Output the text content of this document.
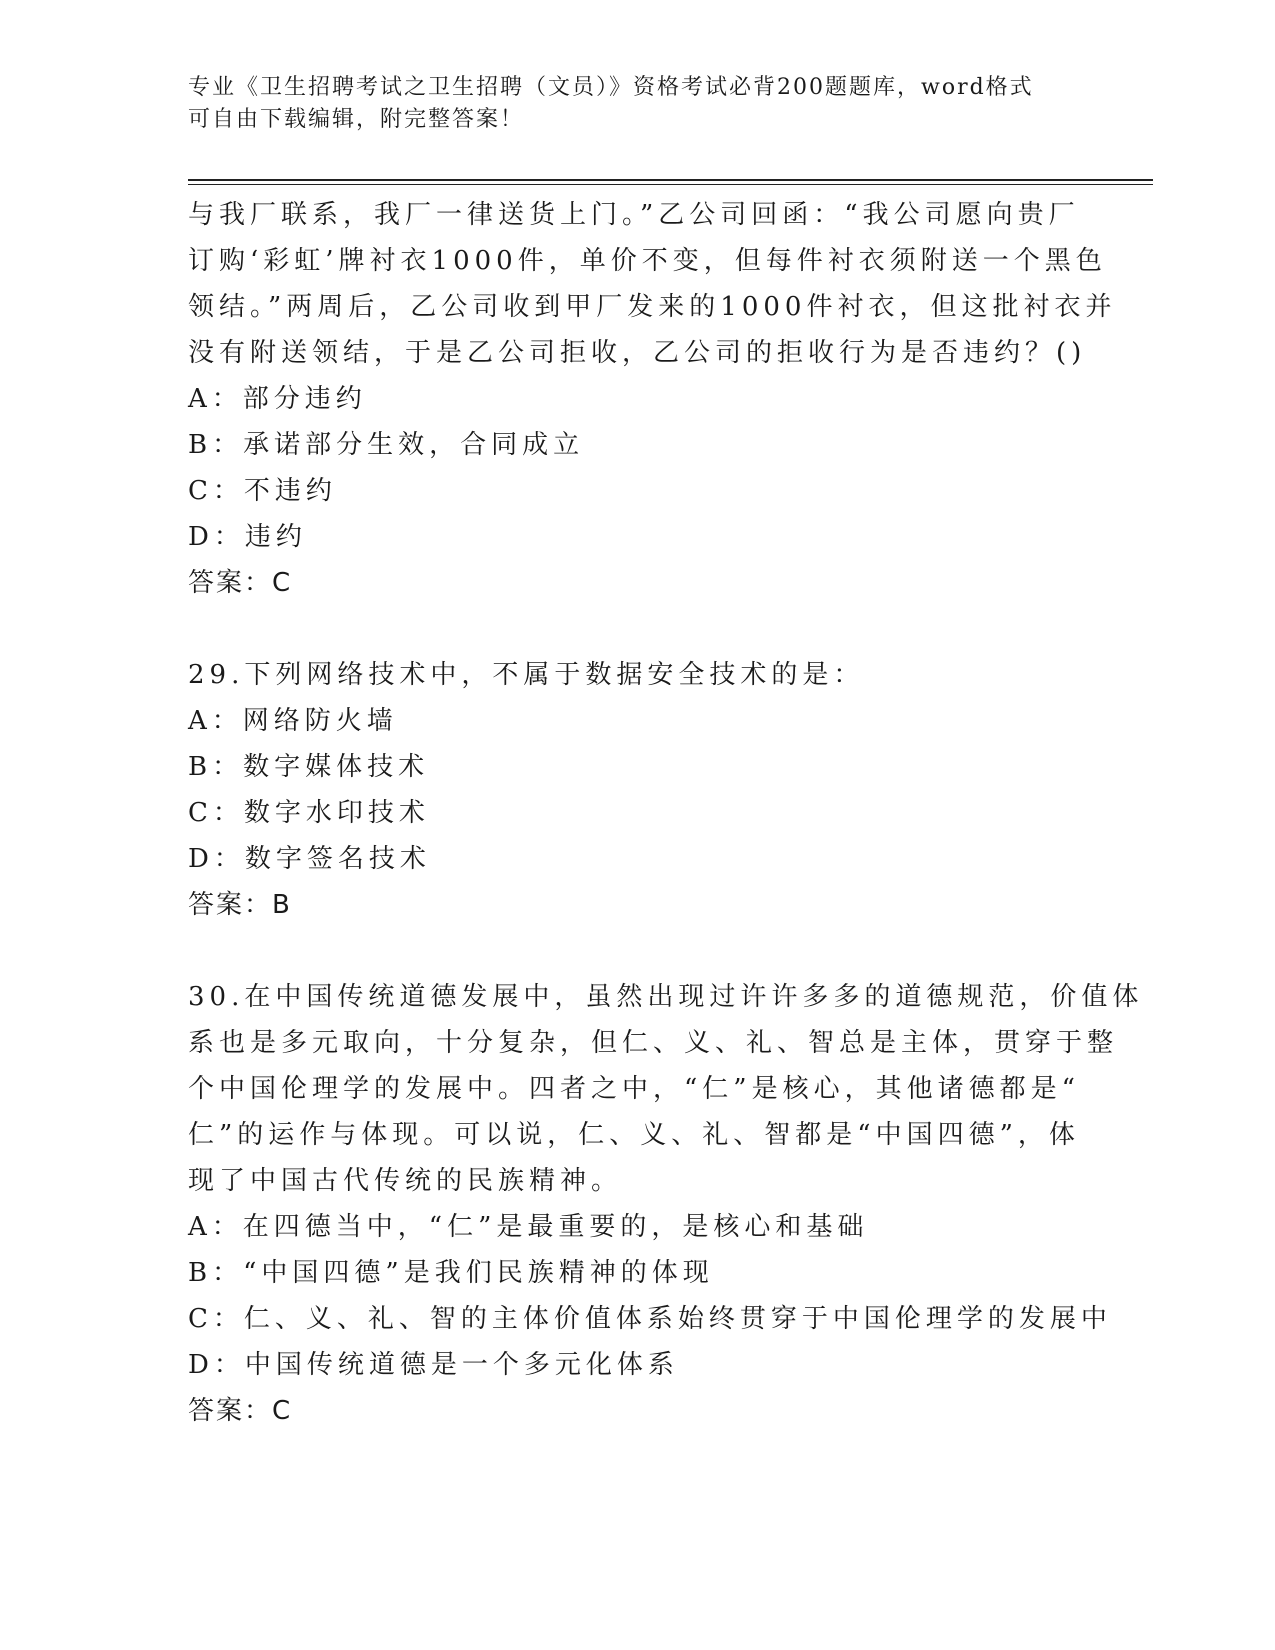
专业《卫生招聘考试之卫生招聘（文员）》资格考试必背200题题库，word格式
可自由下载编辑，附完整答案！
与我厂联系，我厂一律送货上门。”乙公司回函：“我公司愿向贵厂
订购‘彩虹’牌衬衣1000件，单价不变，但每件衬衣须附送一个黑色
领结。”两周后，乙公司收到甲厂发来的1000件衬衣，但这批衬衣并
没有附送领结，于是乙公司拒收，乙公司的拒收行为是否违约？()
A：部分违约
B：承诺部分生效，合同成立
C：不违约
D：违约
答案：C
29.下列网络技术中，不属于数据安全技术的是：
A：网络防火墙
B：数字媒体技术
C：数字水印技术
D：数字签名技术
答案：B
30.在中国传统道德发展中，虽然出现过许许多多的道德规范，价值体
系也是多元取向，十分复杂，但仁、义、礼、智总是主体，贯穿于整
个中国伦理学的发展中。四者之中，“仁”是核心，其他诸德都是“
仁”的运作与体现。可以说，仁、义、礼、智都是“中国四德”，体
现了中国古代传统的民族精神。
A：在四德当中，“仁”是最重要的，是核心和基础
B：“中国四德”是我们民族精神的体现
C：仁、义、礼、智的主体价值体系始终贯穿于中国伦理学的发展中
D：中国传统道德是一个多元化体系
答案：C
